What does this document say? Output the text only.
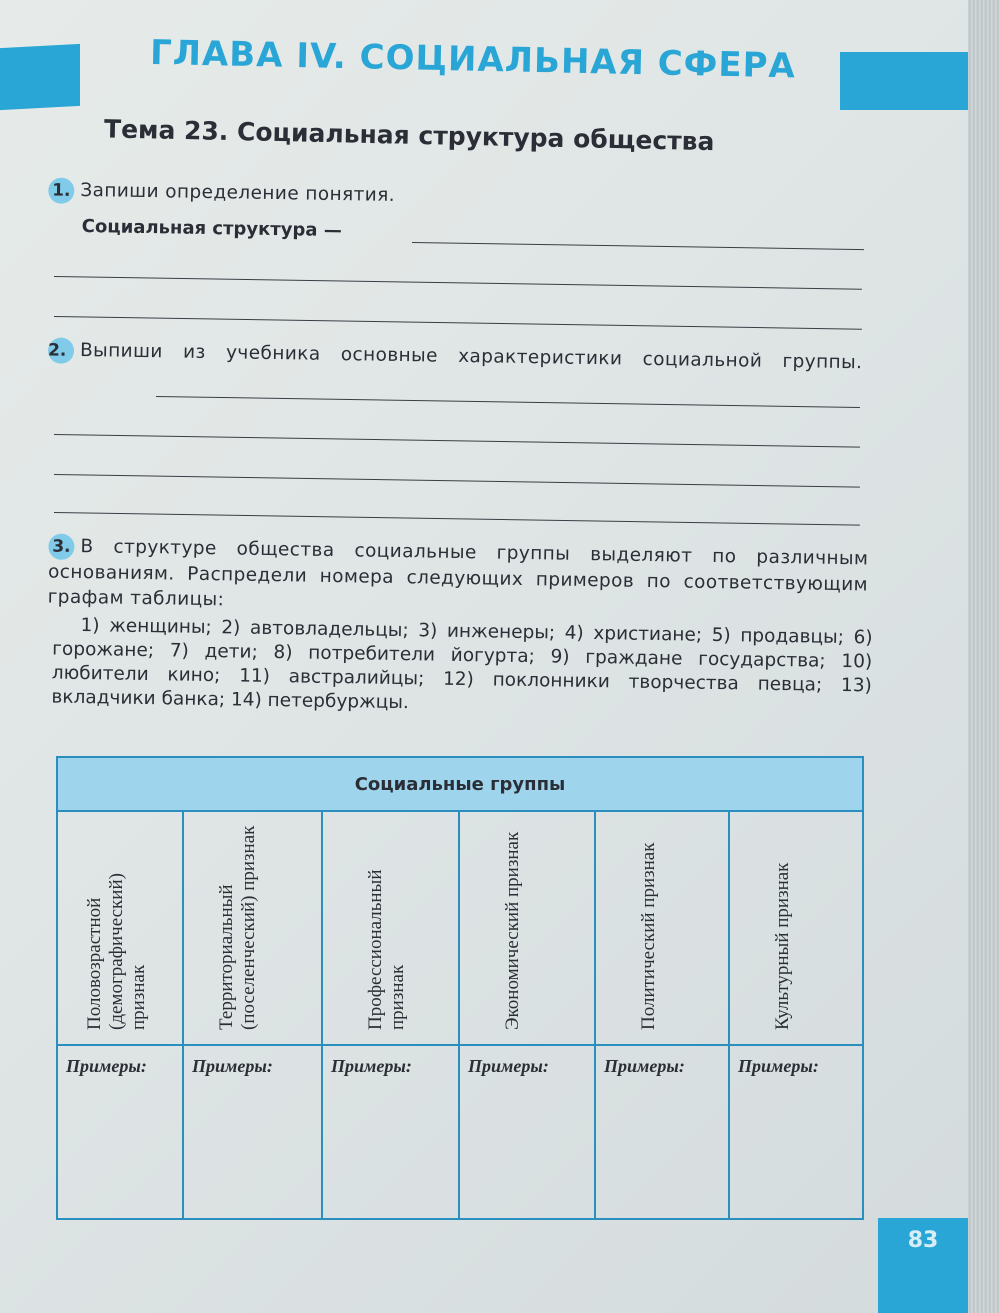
ГЛАВА IV. СОЦИАЛЬНАЯ СФЕРА
Тема 23. Социальная структура общества
1. Запиши определение понятия.
Социальная структура —
2. Выпиши из учебника основные характеристики социальной группы.
3. В структуре общества социальные группы выделяют по различным основаниям. Распредели номера следующих примеров по соответствующим графам таблицы:
1) женщины; 2) автовладельцы; 3) инженеры; 4) христиане; 5) продавцы; 6) горожане; 7) дети; 8) потребители йогурта; 9) граждане государства; 10) любители кино; 11) австралийцы; 12) поклонники творчества певца; 13) вкладчики банка; 14) петербуржцы.
Социальные группы
Половозрастной (демографический) признак
Примеры:
Территориальный (поселенческий) признак
Примеры:
Профессиональный признак
Примеры:
Экономический признак
Примеры:
Политический признак
Примеры:
Культурный признак
Примеры:
83
